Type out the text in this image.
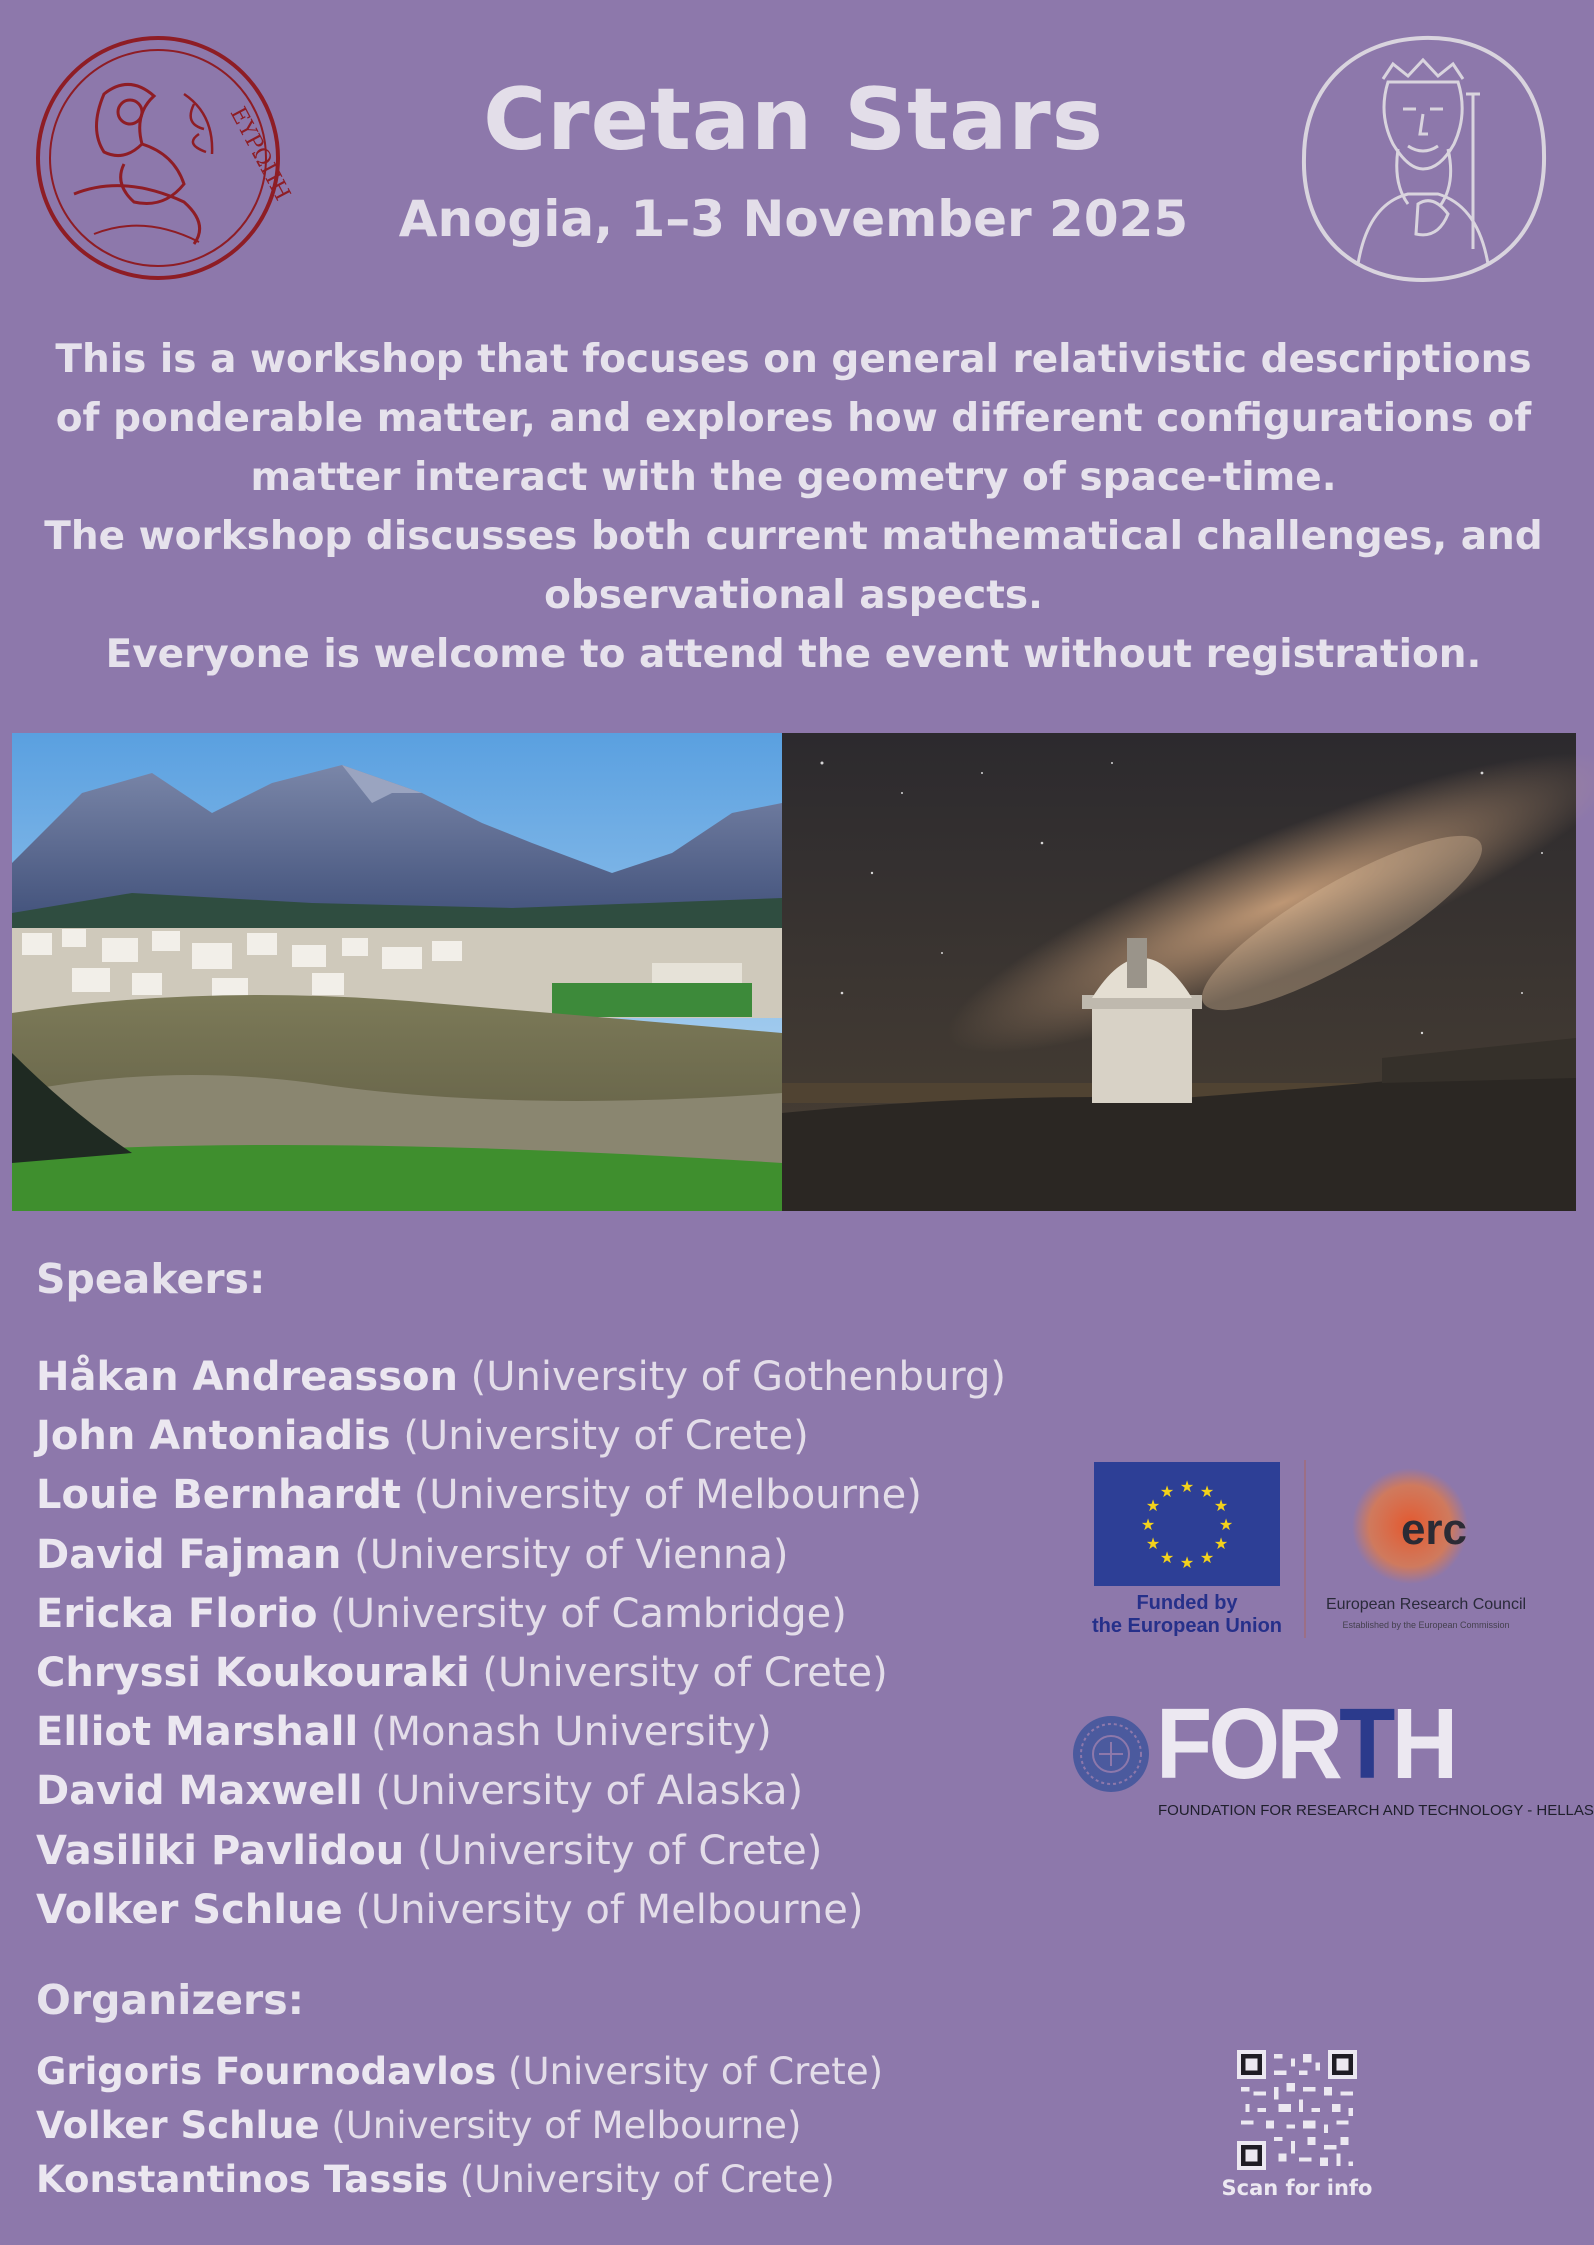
ΕΥΡΩΠΗ	Cretan Stars
Anogia, 1–3 November 2025

This is a workshop that focuses on general relativistic descriptions of ponderable matter, and explores how different configurations of matter interact with the geometry of space-time.

The workshop discusses both current mathematical challenges, and observational aspects.

Everyone is welcome to attend the event without registration.

Speakers:
Håkan Andreasson (University of Gothenburg)
John Antoniadis (University of Crete)
Louie Bernhardt (University of Melbourne)
David Fajman (University of Vienna)
Ericka Florio (University of Cambridge)
Chryssi Koukouraki (University of Crete)
Elliot Marshall (Monash University)
David Maxwell (University of Alaska)
Vasiliki Pavlidou (University of Crete)
Volker Schlue (University of Melbourne)
Organizers:
Grigoris Fournodavlos (University of Crete)
Volker Schlue (University of Melbourne)
Konstantinos Tassis (University of Crete)
★ ★
★
★
★
★
★
★
★
★
★
★
Funded by
the European Union
erc
European Research Council
Established by the European Commission
FORTH
FOUNDATION FOR RESEARCH AND TECHNOLOGY - HELLAS

Scan for info
